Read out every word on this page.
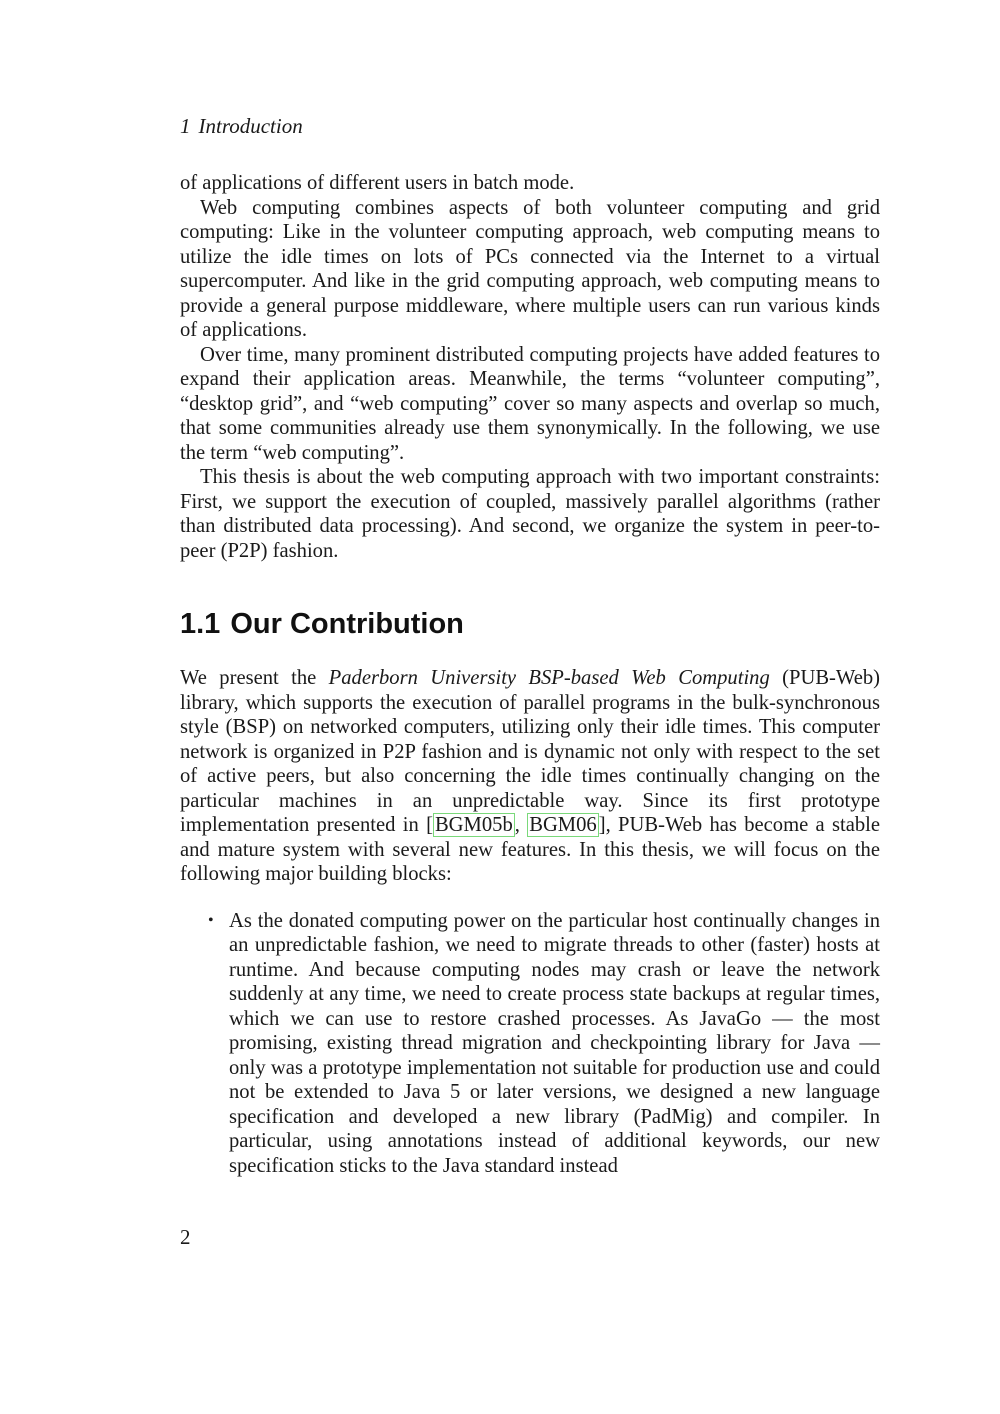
1 Introduction

of applications of different users in batch mode.

Web computing combines aspects of both volunteer computing and grid computing: Like in the volunteer computing approach, web computing means to utilize the idle times on lots of PCs connected via the Internet to a virtual supercomputer. And like in the grid computing approach, web computing means to provide a general purpose middleware, where multiple users can run various kinds of applications.

Over time, many prominent distributed computing projects have added features to expand their application areas. Meanwhile, the terms “volunteer computing”, “desktop grid”, and “web computing” cover so many aspects and overlap so much, that some communities already use them synonymically. In the following, we use the term “web computing”.

This thesis is about the web computing approach with two important constraints: First, we support the execution of coupled, massively parallel algorithms (rather than distributed data processing). And second, we organize the system in peer-to-peer (P2P) fashion.

1.1 Our Contribution

We present the Paderborn University BSP-based Web Computing (PUB-Web) library, which supports the execution of parallel programs in the bulk-synchronous style (BSP) on networked computers, utilizing only their idle times. This computer network is organized in P2P fashion and is dynamic not only with respect to the set of active peers, but also concerning the idle times continually changing on the particular machines in an unpredictable way. Since its first prototype implementation presented in [BGM05b, BGM06], PUB-Web has become a stable and mature system with several new features. In this thesis, we will focus on the following major building blocks:

• As the donated computing power on the particular host continually changes in an unpredictable fashion, we need to migrate threads to other (faster) hosts at runtime. And because computing nodes may crash or leave the network suddenly at any time, we need to create process state backups at regular times, which we can use to restore crashed processes. As JavaGo — the most promising, existing thread migration and checkpointing library for Java — only was a prototype implementation not suitable for production use and could not be extended to Java 5 or later versions, we designed a new language specification and developed a new library (PadMig) and compiler. In particular, using annotations instead of additional keywords, our new specification sticks to the Java standard instead
2
